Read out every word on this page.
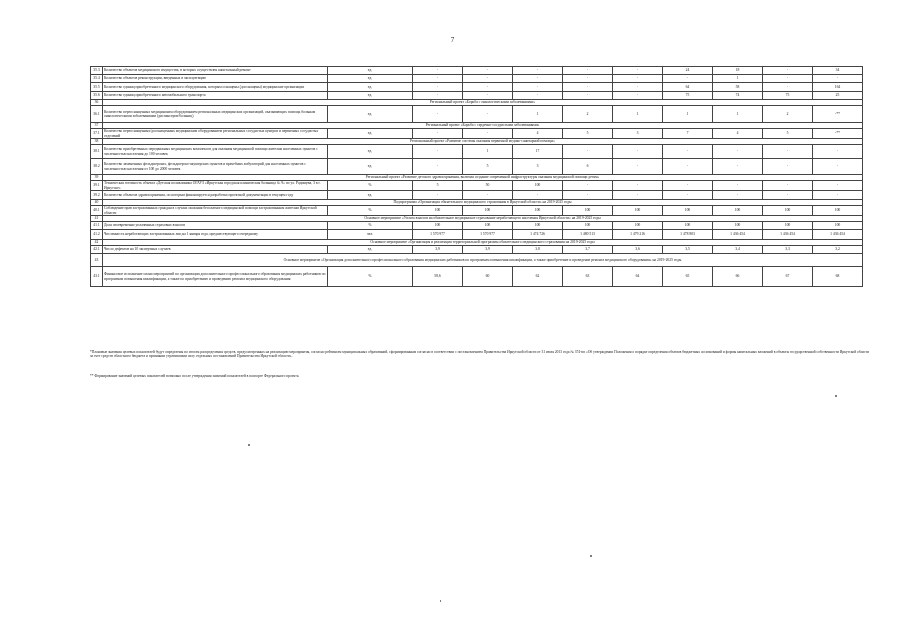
7
35.3	Количество объектов медицинского имущества, в которых осуществлен капитальный ремонт	ед.	-	-	-	-	-	24	18	-	34
35.4	Количество объектов реконструкции, введенных в эксплуатацию	ед.	-	-	-	-	-	-	1	-	-
35.5	Количество единиц приобретенного медицинского оборудования, которым оснащены (дооснащены) медицинские организации	ед.	-	-	-	-	-	64	58	-	164
35.6	Количество единиц приобретенного автомобильного транспорта	ед.	-	-	-	-	-	75	74	75	25
36	Региональный проект «Борьба с онкологическими заболеваниями»										
36.1	Количество переоснащенных медицинским оборудованием региональных медицинских организаций, оказывающих помощь больным онкологическими заболеваниями (диспансеров/больниц)	ед.	-	-	1	2	1	1	1	2	-**
37	Региональный проект «Борьба с сердечно-сосудистыми заболеваниями»										
37.1	Количество переоснащенных/дооснащенных медицинским оборудованием региональных сосудистых центров и первичных сосудистых отделений	ед.	-	-	4	5	3	7	4	5	-**
38	Региональный проект «Развитие системы оказания первичной медико-санитарной помощи»										
38.1	Количество приобретенных передвижных медицинских комплексов для оказания медицинской помощи жителям населенных пунктов с численностью населения до 100 человек	ед.	-	1	17	-	-	-	-	-	-
38.2	Количество замененных фельдшерских, фельдшерско-акушерских пунктов и врачебных амбулаторий для населенных пунктов с численностью населения от 100 до 2000 человек	ед.	-	5	3	6	-	-	-	-	-
39	Региональный проект «Развитие детского здравоохранения, включая создание современной инфраструктуры оказания медицинской помощи детям»										
39.1	Техническая готовность объекта «Детская поликлиника ОГАУЗ «Иркутская городская клиническая больница № 9» по ул. Радищева, 3 в г. Иркутске»	%	5	50	100	-	-	-	-	-	-
39.2	Количество объектов здравоохранения, по которым финансируется разработка проектной документации в текущем году	ед.	-	-	-	-	-	-	-	-	-
40	Подпрограмма «Организация обязательного медицинского страхования в Иркутской области» на 2019-2025 годы										
40.1	Соблюдение прав застрахованных граждан в случаях оказания бесплатного медицинской помощи застрахованным жителям Иркутской области	%	100	100	100	100	100	100	100	100	100
41	Основное мероприятие «Уплата взносов на обязательное медицинское страхование неработающего населения Иркутской области» на 2019-2025 годы										
41.1	Доля своевременно уплаченных страховых взносов	%	100	100	100	100	100	100	100	100	100
41.2	Численность неработающих застрахованных лиц на 1 января года, предшествующего очередному	чел.	1 570 977	1 570 977	1 474 726	1 480 513	1 479 216	1 478 803	1 436 454	1 436 454	1 436 454
42	Основное мероприятие «Организация и реализация территориальной программы обязательного медицинского страхования на 2019-2025 годы										
42.1	Число дефектов на 10 экспертных случаев	ед.	3,9	3,9	3,8	3,7	3,6	3,5	3,4	3,3	3,2
43	Основное мероприятие «Организация дополнительного профессионального образования медицинских работников по программам повышения квалификации, а также приобретение и проведение ремонта медицинского оборудования» на 2019-2025 годы										
43.1	Финансовое исполнение плана мероприятий по организации дополнительного профессионального образования медицинских работников по программам повышения квалификации, а также по приобретению и проведению ремонта медицинского оборудования	%	58,6	60	62	63	64	65	66	67	68
*Плановые значения целевых показателей будут определены по итогам распределения средств, предусмотренных на реализацию мероприятия, согласно рейтингам муниципальных образований, сформированным согласно в соответствии с постановлением Правительства Иркутской области от 31 июля 2013 года № 374-пп «Об утверждении Положения о порядке определения объемов бюджетных ассигнований и формы капитальных вложений в объекты государственной собственности Иркутской области за счет средств областного бюджета и признании утратившими силу отдельных постановлений Правительства Иркутской области».
** Формирование значений целевых показателей возможно после утверждения значений показателей в паспорте Федерального проекта.
